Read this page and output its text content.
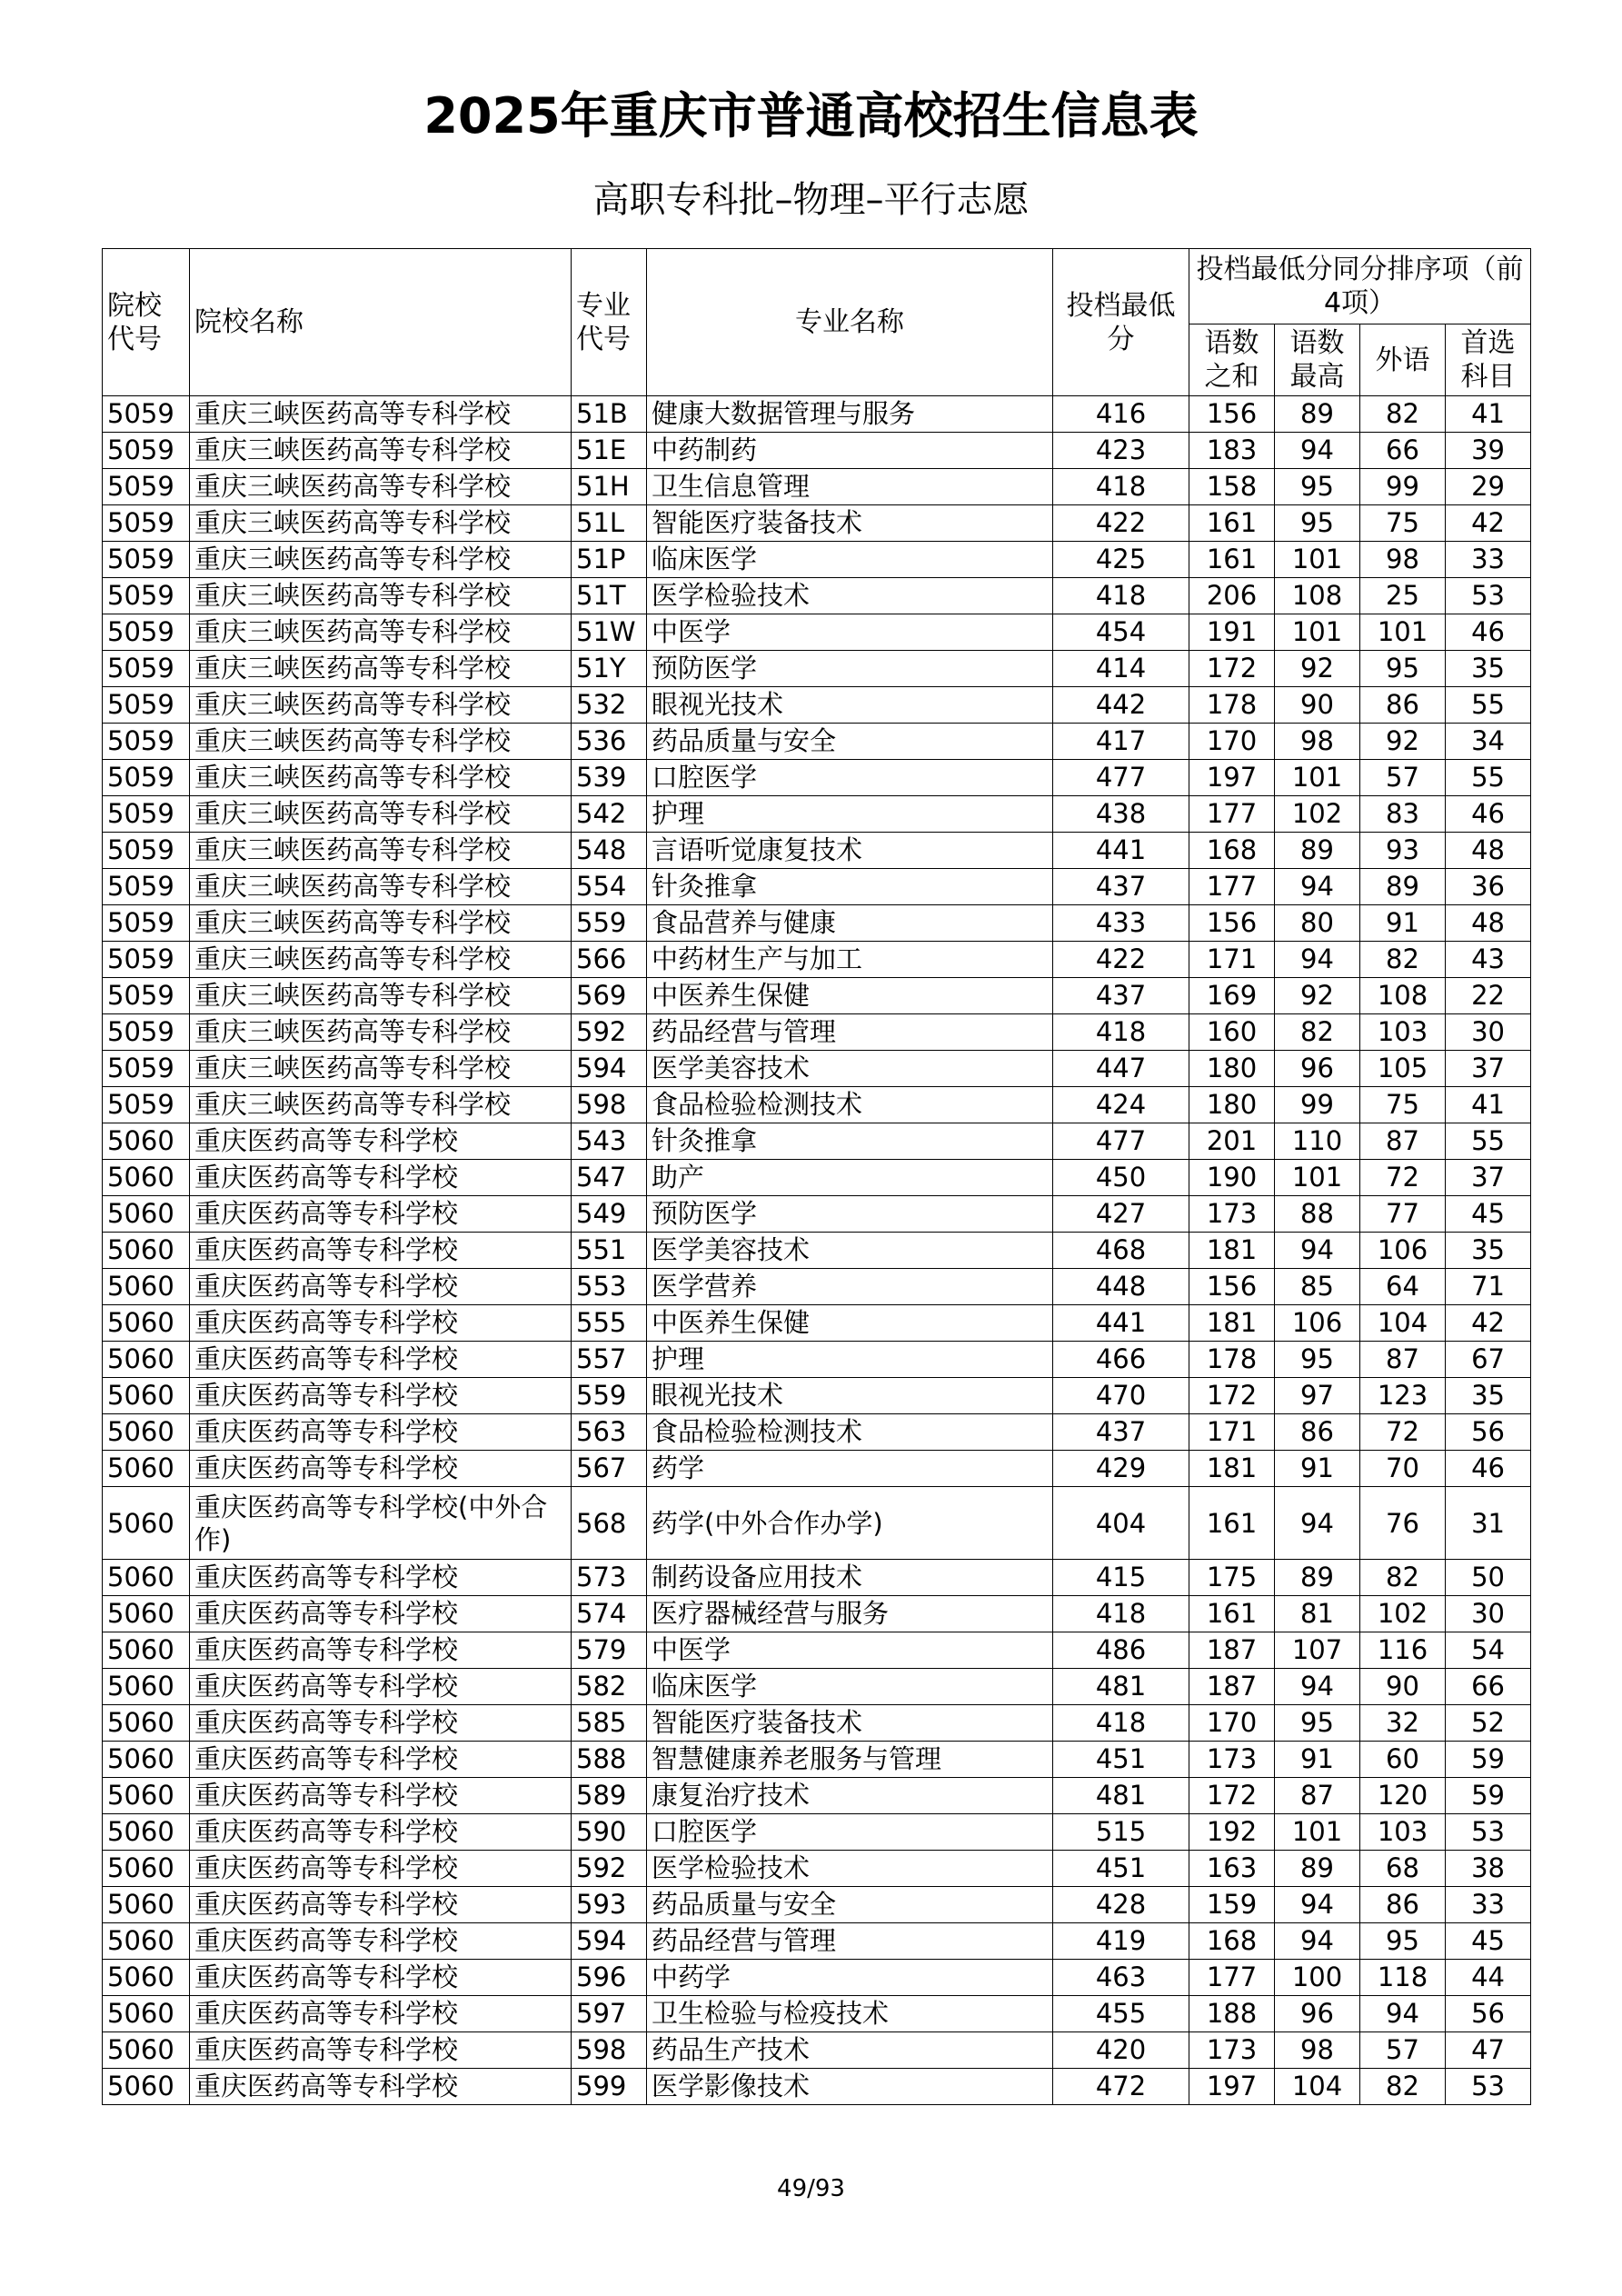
2025年重庆市普通高校招生信息表
高职专科批–物理–平行志愿
院校代号	院校名称	专业代号	专业名称	投档最低分	投档最低分同分排序项（前4项）			
					语数之和	语数最高	外语	首选科目
5059	重庆三峡医药高等专科学校	51B	健康大数据管理与服务	416	156	89	82	41
5059	重庆三峡医药高等专科学校	51E	中药制药	423	183	94	66	39
5059	重庆三峡医药高等专科学校	51H	卫生信息管理	418	158	95	99	29
5059	重庆三峡医药高等专科学校	51L	智能医疗装备技术	422	161	95	75	42
5059	重庆三峡医药高等专科学校	51P	临床医学	425	161	101	98	33
5059	重庆三峡医药高等专科学校	51T	医学检验技术	418	206	108	25	53
5059	重庆三峡医药高等专科学校	51W	中医学	454	191	101	101	46
5059	重庆三峡医药高等专科学校	51Y	预防医学	414	172	92	95	35
5059	重庆三峡医药高等专科学校	532	眼视光技术	442	178	90	86	55
5059	重庆三峡医药高等专科学校	536	药品质量与安全	417	170	98	92	34
5059	重庆三峡医药高等专科学校	539	口腔医学	477	197	101	57	55
5059	重庆三峡医药高等专科学校	542	护理	438	177	102	83	46
5059	重庆三峡医药高等专科学校	548	言语听觉康复技术	441	168	89	93	48
5059	重庆三峡医药高等专科学校	554	针灸推拿	437	177	94	89	36
5059	重庆三峡医药高等专科学校	559	食品营养与健康	433	156	80	91	48
5059	重庆三峡医药高等专科学校	566	中药材生产与加工	422	171	94	82	43
5059	重庆三峡医药高等专科学校	569	中医养生保健	437	169	92	108	22
5059	重庆三峡医药高等专科学校	592	药品经营与管理	418	160	82	103	30
5059	重庆三峡医药高等专科学校	594	医学美容技术	447	180	96	105	37
5059	重庆三峡医药高等专科学校	598	食品检验检测技术	424	180	99	75	41
5060	重庆医药高等专科学校	543	针灸推拿	477	201	110	87	55
5060	重庆医药高等专科学校	547	助产	450	190	101	72	37
5060	重庆医药高等专科学校	549	预防医学	427	173	88	77	45
5060	重庆医药高等专科学校	551	医学美容技术	468	181	94	106	35
5060	重庆医药高等专科学校	553	医学营养	448	156	85	64	71
5060	重庆医药高等专科学校	555	中医养生保健	441	181	106	104	42
5060	重庆医药高等专科学校	557	护理	466	178	95	87	67
5060	重庆医药高等专科学校	559	眼视光技术	470	172	97	123	35
5060	重庆医药高等专科学校	563	食品检验检测技术	437	171	86	72	56
5060	重庆医药高等专科学校	567	药学	429	181	91	70	46
5060	重庆医药高等专科学校(中外合作)	568	药学(中外合作办学)	404	161	94	76	31
5060	重庆医药高等专科学校	573	制药设备应用技术	415	175	89	82	50
5060	重庆医药高等专科学校	574	医疗器械经营与服务	418	161	81	102	30
5060	重庆医药高等专科学校	579	中医学	486	187	107	116	54
5060	重庆医药高等专科学校	582	临床医学	481	187	94	90	66
5060	重庆医药高等专科学校	585	智能医疗装备技术	418	170	95	32	52
5060	重庆医药高等专科学校	588	智慧健康养老服务与管理	451	173	91	60	59
5060	重庆医药高等专科学校	589	康复治疗技术	481	172	87	120	59
5060	重庆医药高等专科学校	590	口腔医学	515	192	101	103	53
5060	重庆医药高等专科学校	592	医学检验技术	451	163	89	68	38
5060	重庆医药高等专科学校	593	药品质量与安全	428	159	94	86	33
5060	重庆医药高等专科学校	594	药品经营与管理	419	168	94	95	45
5060	重庆医药高等专科学校	596	中药学	463	177	100	118	44
5060	重庆医药高等专科学校	597	卫生检验与检疫技术	455	188	96	94	56
5060	重庆医药高等专科学校	598	药品生产技术	420	173	98	57	47
5060	重庆医药高等专科学校	599	医学影像技术	472	197	104	82	53
49/93
